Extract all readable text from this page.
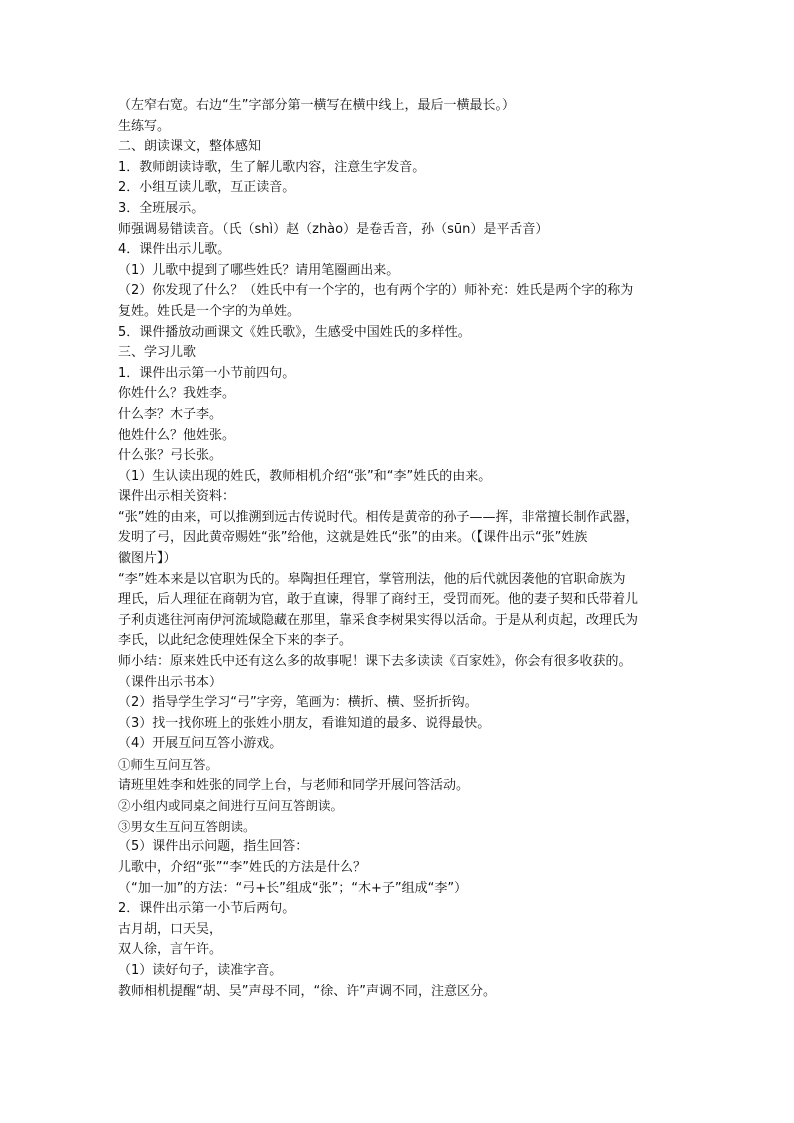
（左窄右宽。右边“生”字部分第一横写在横中线上，最后一横最长。）
生练写。
二、朗读课文，整体感知
1．教师朗读诗歌，生了解儿歌内容，注意生字发音。
2．小组互读儿歌，互正读音。
3．全班展示。
师强调易错读音。（氏（shì）赵（zhào）是卷舌音，孙（sūn）是平舌音）
4．课件出示儿歌。
（1）儿歌中提到了哪些姓氏？请用笔圈画出来。
（2）你发现了什么？（姓氏中有一个字的，也有两个字的）师补充：姓氏是两个字的称为
复姓。姓氏是一个字的为单姓。
5．课件播放动画课文《姓氏歌》，生感受中国姓氏的多样性。
三、学习儿歌
1．课件出示第一小节前四句。
你姓什么？我姓李。
什么李？木子李。
他姓什么？他姓张。
什么张？弓长张。
（1）生认读出现的姓氏，教师相机介绍“张”和“李”姓氏的由来。
课件出示相关资料：
“张”姓的由来，可以推溯到远古传说时代。相传是黄帝的孙子——挥，非常擅长制作武器，
发明了弓，因此黄帝赐姓“张”给他，这就是姓氏“张”的由来。（【课件出示“张”姓族
徽图片】）
“李”姓本来是以官职为氏的。皋陶担任理官，掌管刑法，他的后代就因袭他的官职命族为
理氏，后人理征在商朝为官，敢于直谏，得罪了商纣王，受罚而死。他的妻子契和氏带着儿
子利贞逃往河南伊河流域隐藏在那里，靠采食李树果实得以活命。于是从利贞起，改理氏为
李氏，以此纪念使理姓保全下来的李子。
师小结：原来姓氏中还有这么多的故事呢！课下去多读读《百家姓》，你会有很多收获的。
（课件出示书本）
（2）指导学生学习“弓”字旁，笔画为：横折、横、竖折折钩。
（3）找一找你班上的张姓小朋友，看谁知道的最多、说得最快。
（4）开展互问互答小游戏。
①师生互问互答。
请班里姓李和姓张的同学上台，与老师和同学开展问答活动。
②小组内或同桌之间进行互问互答朗读。
③男女生互问互答朗读。
（5）课件出示问题，指生回答：
儿歌中，介绍“张”“李”姓氏的方法是什么？
（“加一加”的方法：“弓+长”组成“张”；“木+子”组成“李”）
2．课件出示第一小节后两句。
古月胡，口天吴，
双人徐，言午许。
（1）读好句子，读准字音。
教师相机提醒“胡、吴”声母不同，“徐、许”声调不同，注意区分。
